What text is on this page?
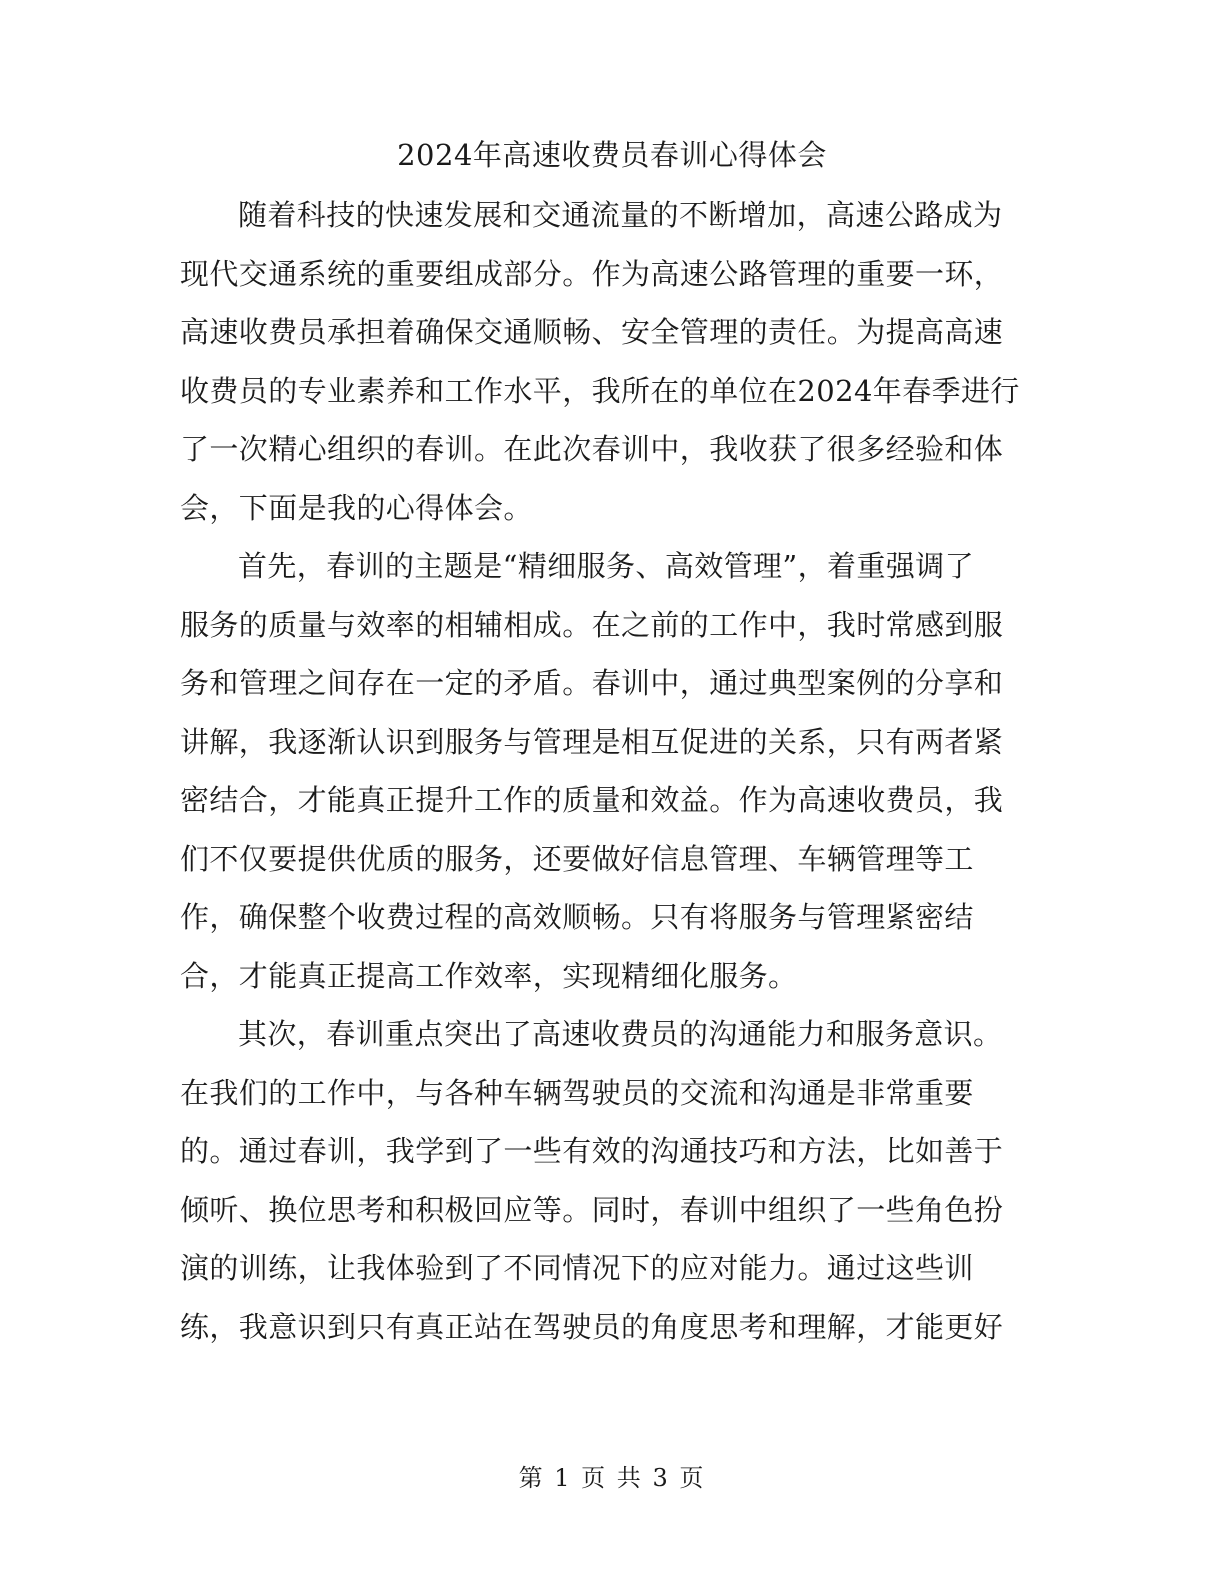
2024年高速收费员春训心得体会
随着科技的快速发展和交通流量的不断增加，高速公路成为
现代交通系统的重要组成部分。作为高速公路管理的重要一环，
高速收费员承担着确保交通顺畅、安全管理的责任。为提高高速
收费员的专业素养和工作水平，我所在的单位在2024年春季进行
了一次精心组织的春训。在此次春训中，我收获了很多经验和体
会，下面是我的心得体会。
首先，春训的主题是“精细服务、高效管理”，着重强调了
服务的质量与效率的相辅相成。在之前的工作中，我时常感到服
务和管理之间存在一定的矛盾。春训中，通过典型案例的分享和
讲解，我逐渐认识到服务与管理是相互促进的关系，只有两者紧
密结合，才能真正提升工作的质量和效益。作为高速收费员，我
们不仅要提供优质的服务，还要做好信息管理、车辆管理等工
作，确保整个收费过程的高效顺畅。只有将服务与管理紧密结
合，才能真正提高工作效率，实现精细化服务。
其次，春训重点突出了高速收费员的沟通能力和服务意识。
在我们的工作中，与各种车辆驾驶员的交流和沟通是非常重要
的。通过春训，我学到了一些有效的沟通技巧和方法，比如善于
倾听、换位思考和积极回应等。同时，春训中组织了一些角色扮
演的训练，让我体验到了不同情况下的应对能力。通过这些训
练，我意识到只有真正站在驾驶员的角度思考和理解，才能更好
第 1 页 共 3 页
